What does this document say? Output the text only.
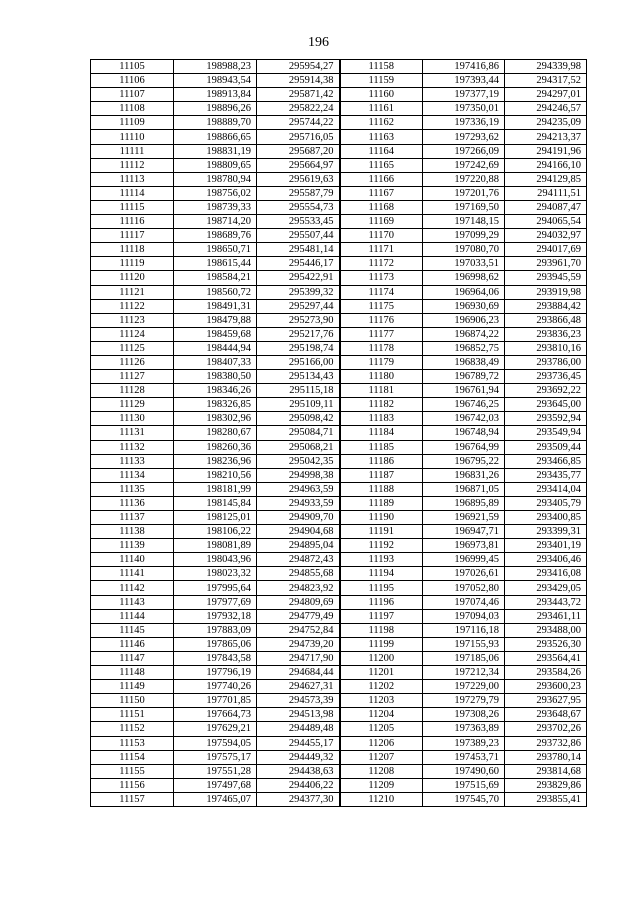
196
11105	198988,23	295954,27	11158	197416,86	294339,98
11106	198943,54	295914,38	11159	197393,44	294317,52
11107	198913,84	295871,42	11160	197377,19	294297,01
11108	198896,26	295822,24	11161	197350,01	294246,57
11109	198889,70	295744,22	11162	197336,19	294235,09
11110	198866,65	295716,05	11163	197293,62	294213,37
11111	198831,19	295687,20	11164	197266,09	294191,96
11112	198809,65	295664,97	11165	197242,69	294166,10
11113	198780,94	295619,63	11166	197220,88	294129,85
11114	198756,02	295587,79	11167	197201,76	294111,51
11115	198739,33	295554,73	11168	197169,50	294087,47
11116	198714,20	295533,45	11169	197148,15	294065,54
11117	198689,76	295507,44	11170	197099,29	294032,97
11118	198650,71	295481,14	11171	197080,70	294017,69
11119	198615,44	295446,17	11172	197033,51	293961,70
11120	198584,21	295422,91	11173	196998,62	293945,59
11121	198560,72	295399,32	11174	196964,06	293919,98
11122	198491,31	295297,44	11175	196930,69	293884,42
11123	198479,88	295273,90	11176	196906,23	293866,48
11124	198459,68	295217,76	11177	196874,22	293836,23
11125	198444,94	295198,74	11178	196852,75	293810,16
11126	198407,33	295166,00	11179	196838,49	293786,00
11127	198380,50	295134,43	11180	196789,72	293736,45
11128	198346,26	295115,18	11181	196761,94	293692,22
11129	198326,85	295109,11	11182	196746,25	293645,00
11130	198302,96	295098,42	11183	196742,03	293592,94
11131	198280,67	295084,71	11184	196748,94	293549,94
11132	198260,36	295068,21	11185	196764,99	293509,44
11133	198236,96	295042,35	11186	196795,22	293466,85
11134	198210,56	294998,38	11187	196831,26	293435,77
11135	198181,99	294963,59	11188	196871,05	293414,04
11136	198145,84	294933,59	11189	196895,89	293405,79
11137	198125,01	294909,70	11190	196921,59	293400,85
11138	198106,22	294904,68	11191	196947,71	293399,31
11139	198081,89	294895,04	11192	196973,81	293401,19
11140	198043,96	294872,43	11193	196999,45	293406,46
11141	198023,32	294855,68	11194	197026,61	293416,08
11142	197995,64	294823,92	11195	197052,80	293429,05
11143	197977,69	294809,69	11196	197074,46	293443,72
11144	197932,18	294779,49	11197	197094,03	293461,11
11145	197883,09	294752,84	11198	197116,18	293488,00
11146	197865,06	294739,20	11199	197155,93	293526,30
11147	197843,58	294717,90	11200	197185,06	293564,41
11148	197796,19	294684,44	11201	197212,34	293584,26
11149	197740,26	294627,31	11202	197229,00	293600,23
11150	197701,85	294573,39	11203	197279,79	293627,95
11151	197664,73	294513,98	11204	197308,26	293648,67
11152	197629,21	294489,48	11205	197363,89	293702,26
11153	197594,05	294455,17	11206	197389,23	293732,86
11154	197575,17	294449,32	11207	197453,71	293780,14
11155	197551,28	294438,63	11208	197490,60	293814,68
11156	197497,68	294406,22	11209	197515,69	293829,86
11157	197465,07	294377,30	11210	197545,70	293855,41
